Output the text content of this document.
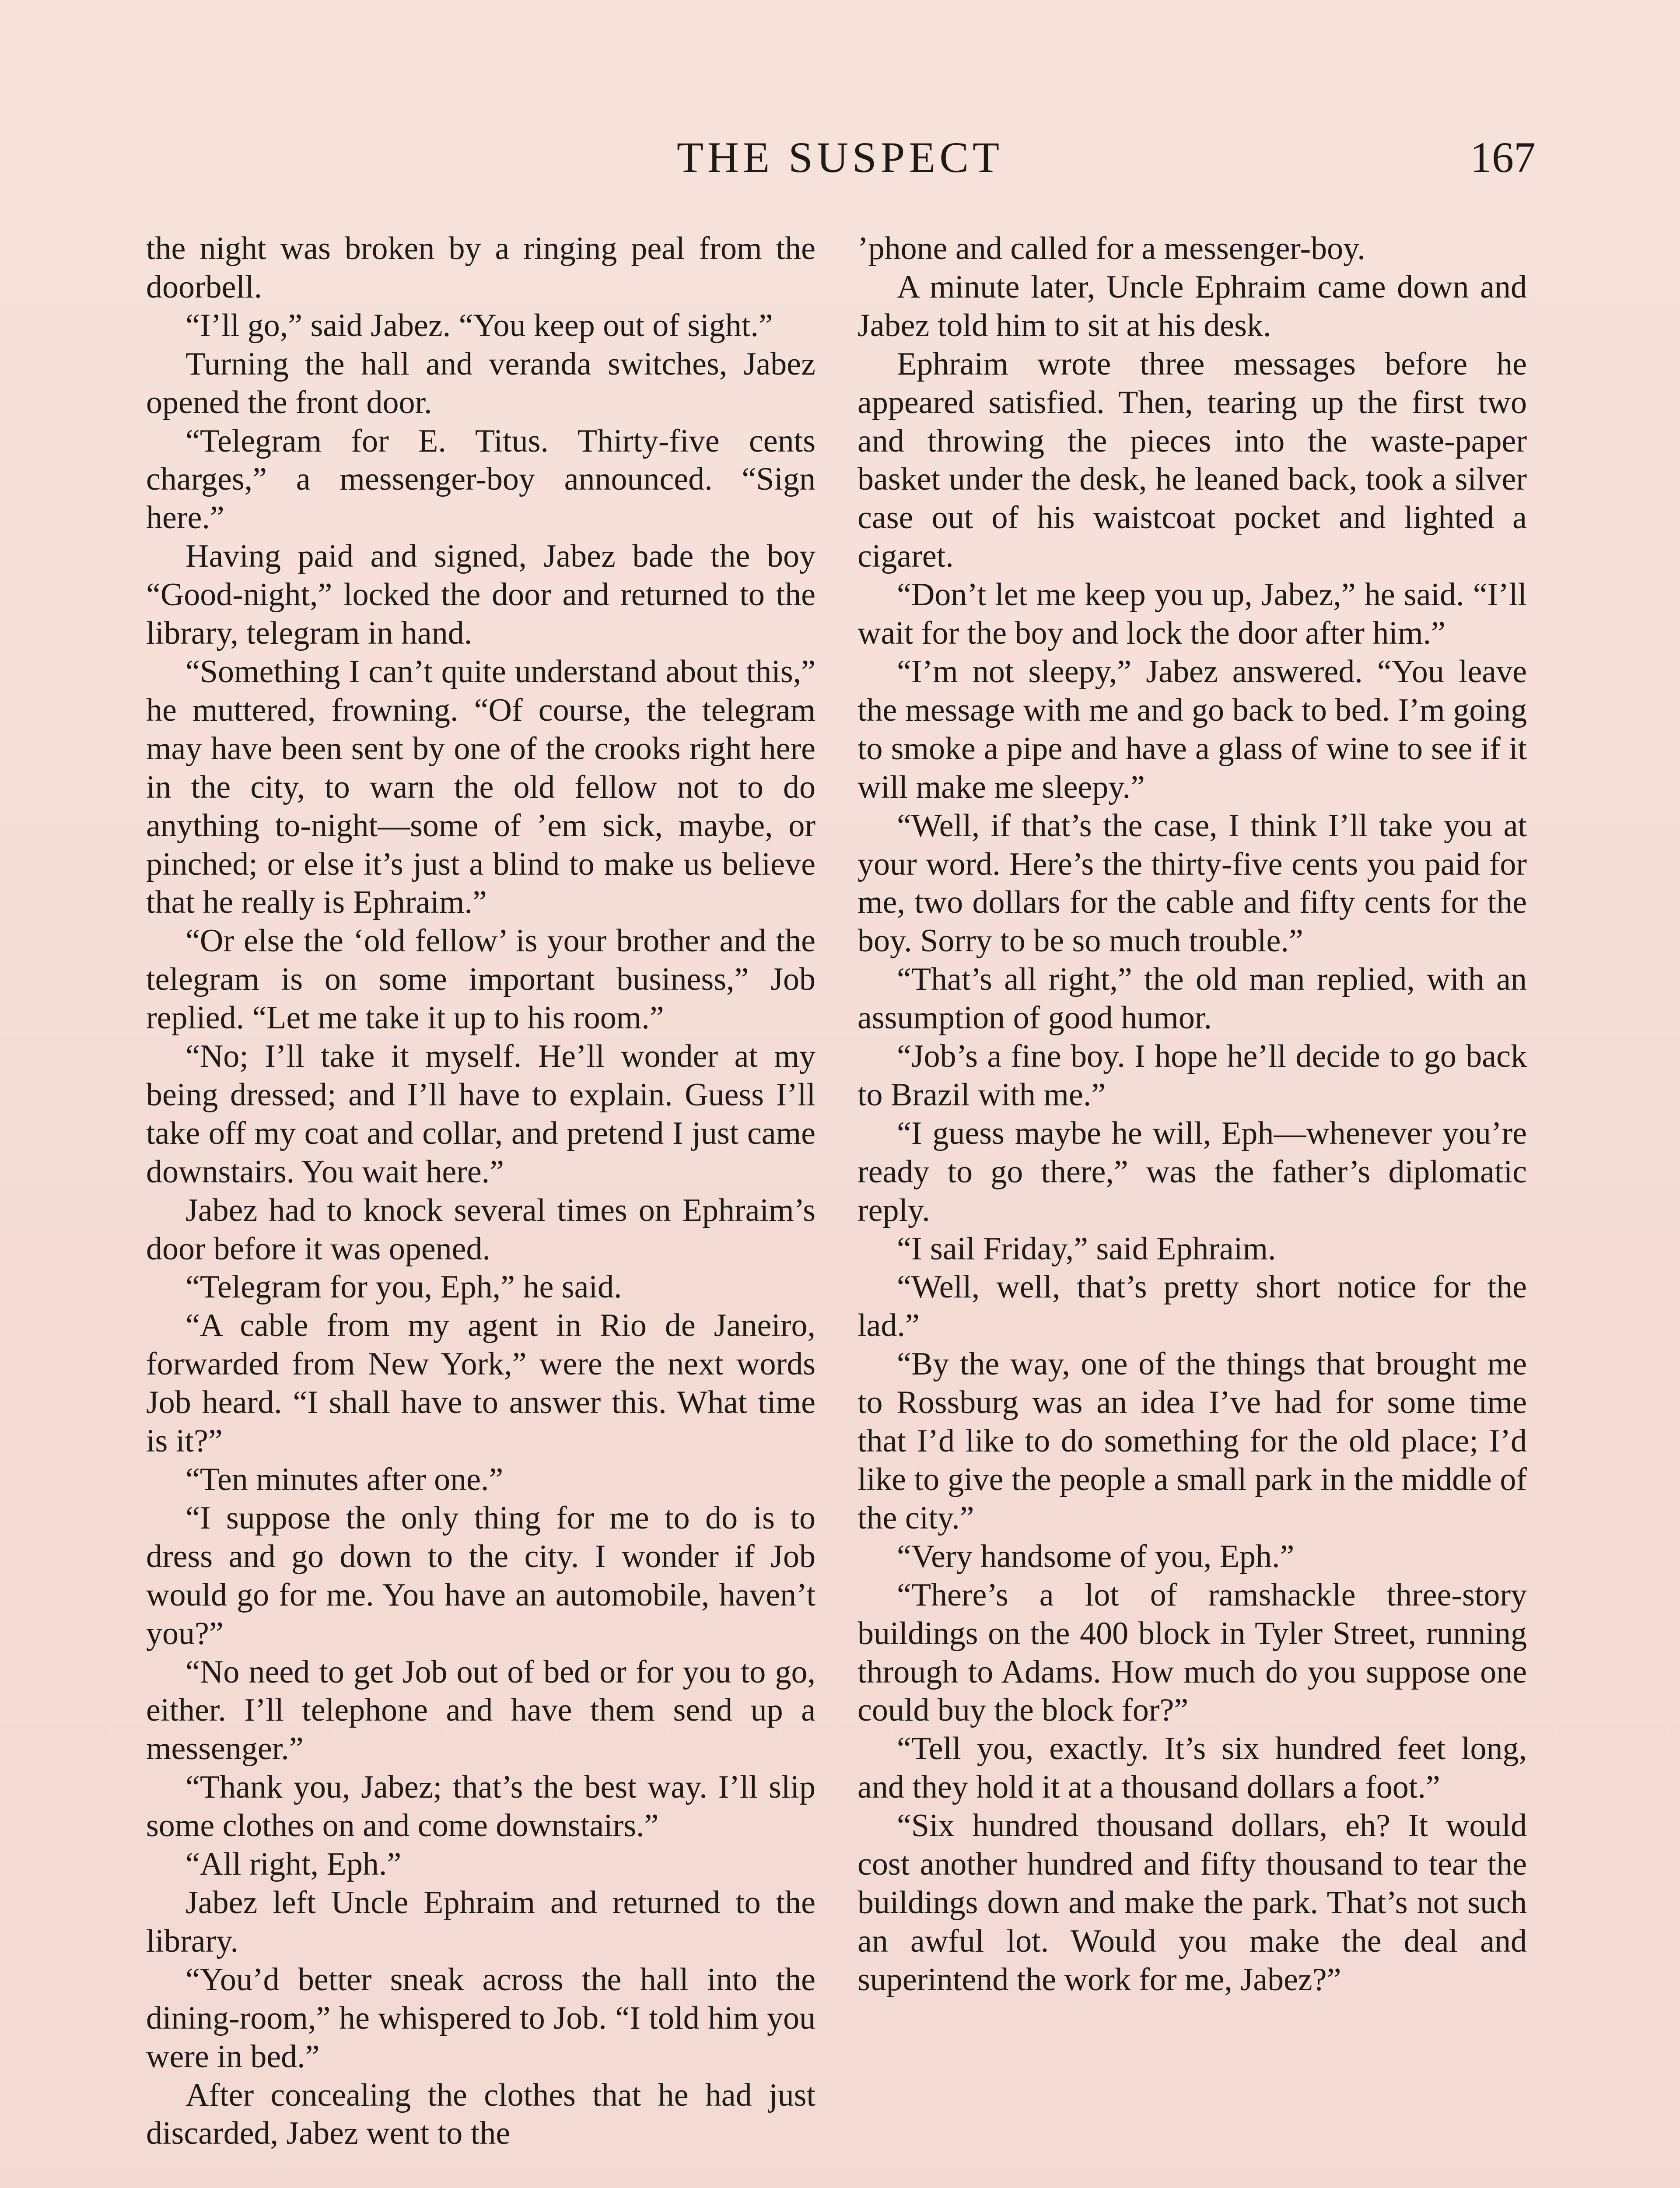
THE SUSPECT	167

the night was broken by a ringing peal from the doorbell.

“I’ll go,” said Jabez. “You keep out of sight.”

Turning the hall and veranda switches, Jabez opened the front door.

“Telegram for E. Titus. Thirty-five cents charges,” a messenger-boy announced. “Sign here.”

Having paid and signed, Jabez bade the boy “Good-night,” locked the door and returned to the library, telegram in hand.

“Something I can’t quite understand about this,” he muttered, frowning. “Of course, the telegram may have been sent by one of the crooks right here in the city, to warn the old fellow not to do anything to-night—some of ’em sick, maybe, or pinched; or else it’s just a blind to make us believe that he really is Ephraim.”

“Or else the ‘old fellow’ is your brother and the telegram is on some important business,” Job replied. “Let me take it up to his room.”

“No; I’ll take it myself. He’ll wonder at my being dressed; and I’ll have to explain. Guess I’ll take off my coat and collar, and pretend I just came downstairs. You wait here.”

Jabez had to knock several times on Ephraim’s door before it was opened.

“Telegram for you, Eph,” he said.

“A cable from my agent in Rio de Janeiro, forwarded from New York,” were the next words Job heard. “I shall have to answer this. What time is it?”

“Ten minutes after one.”

“I suppose the only thing for me to do is to dress and go down to the city. I wonder if Job would go for me. You have an automobile, haven’t you?”

“No need to get Job out of bed or for you to go, either. I’ll telephone and have them send up a messenger.”

“Thank you, Jabez; that’s the best way. I’ll slip some clothes on and come downstairs.”

“All right, Eph.”

Jabez left Uncle Ephraim and returned to the library.

“You’d better sneak across the hall into the dining-room,” he whispered to Job. “I told him you were in bed.”

After concealing the clothes that he had just discarded, Jabez went to the

’phone and called for a messenger-boy.

A minute later, Uncle Ephraim came down and Jabez told him to sit at his desk.

Ephraim wrote three messages before he appeared satisfied. Then, tearing up the first two and throwing the pieces into the waste-paper basket under the desk, he leaned back, took a silver case out of his waistcoat pocket and lighted a cigaret.

“Don’t let me keep you up, Jabez,” he said. “I’ll wait for the boy and lock the door after him.”

“I’m not sleepy,” Jabez answered. “You leave the message with me and go back to bed. I’m going to smoke a pipe and have a glass of wine to see if it will make me sleepy.”

“Well, if that’s the case, I think I’ll take you at your word. Here’s the thirty-five cents you paid for me, two dollars for the cable and fifty cents for the boy. Sorry to be so much trouble.”

“That’s all right,” the old man replied, with an assumption of good humor.

“Job’s a fine boy. I hope he’ll decide to go back to Brazil with me.”

“I guess maybe he will, Eph—whenever you’re ready to go there,” was the father’s diplomatic reply.

“I sail Friday,” said Ephraim.

“Well, well, that’s pretty short notice for the lad.”

“By the way, one of the things that brought me to Rossburg was an idea I’ve had for some time that I’d like to do something for the old place; I’d like to give the people a small park in the middle of the city.”

“Very handsome of you, Eph.”

“There’s a lot of ramshackle three-story buildings on the 400 block in Tyler Street, running through to Adams. How much do you suppose one could buy the block for?”

“Tell you, exactly. It’s six hundred feet long, and they hold it at a thousand dollars a foot.”

“Six hundred thousand dollars, eh? It would cost another hundred and fifty thousand to tear the buildings down and make the park. That’s not such an awful lot. Would you make the deal and superintend the work for me, Jabez?”
